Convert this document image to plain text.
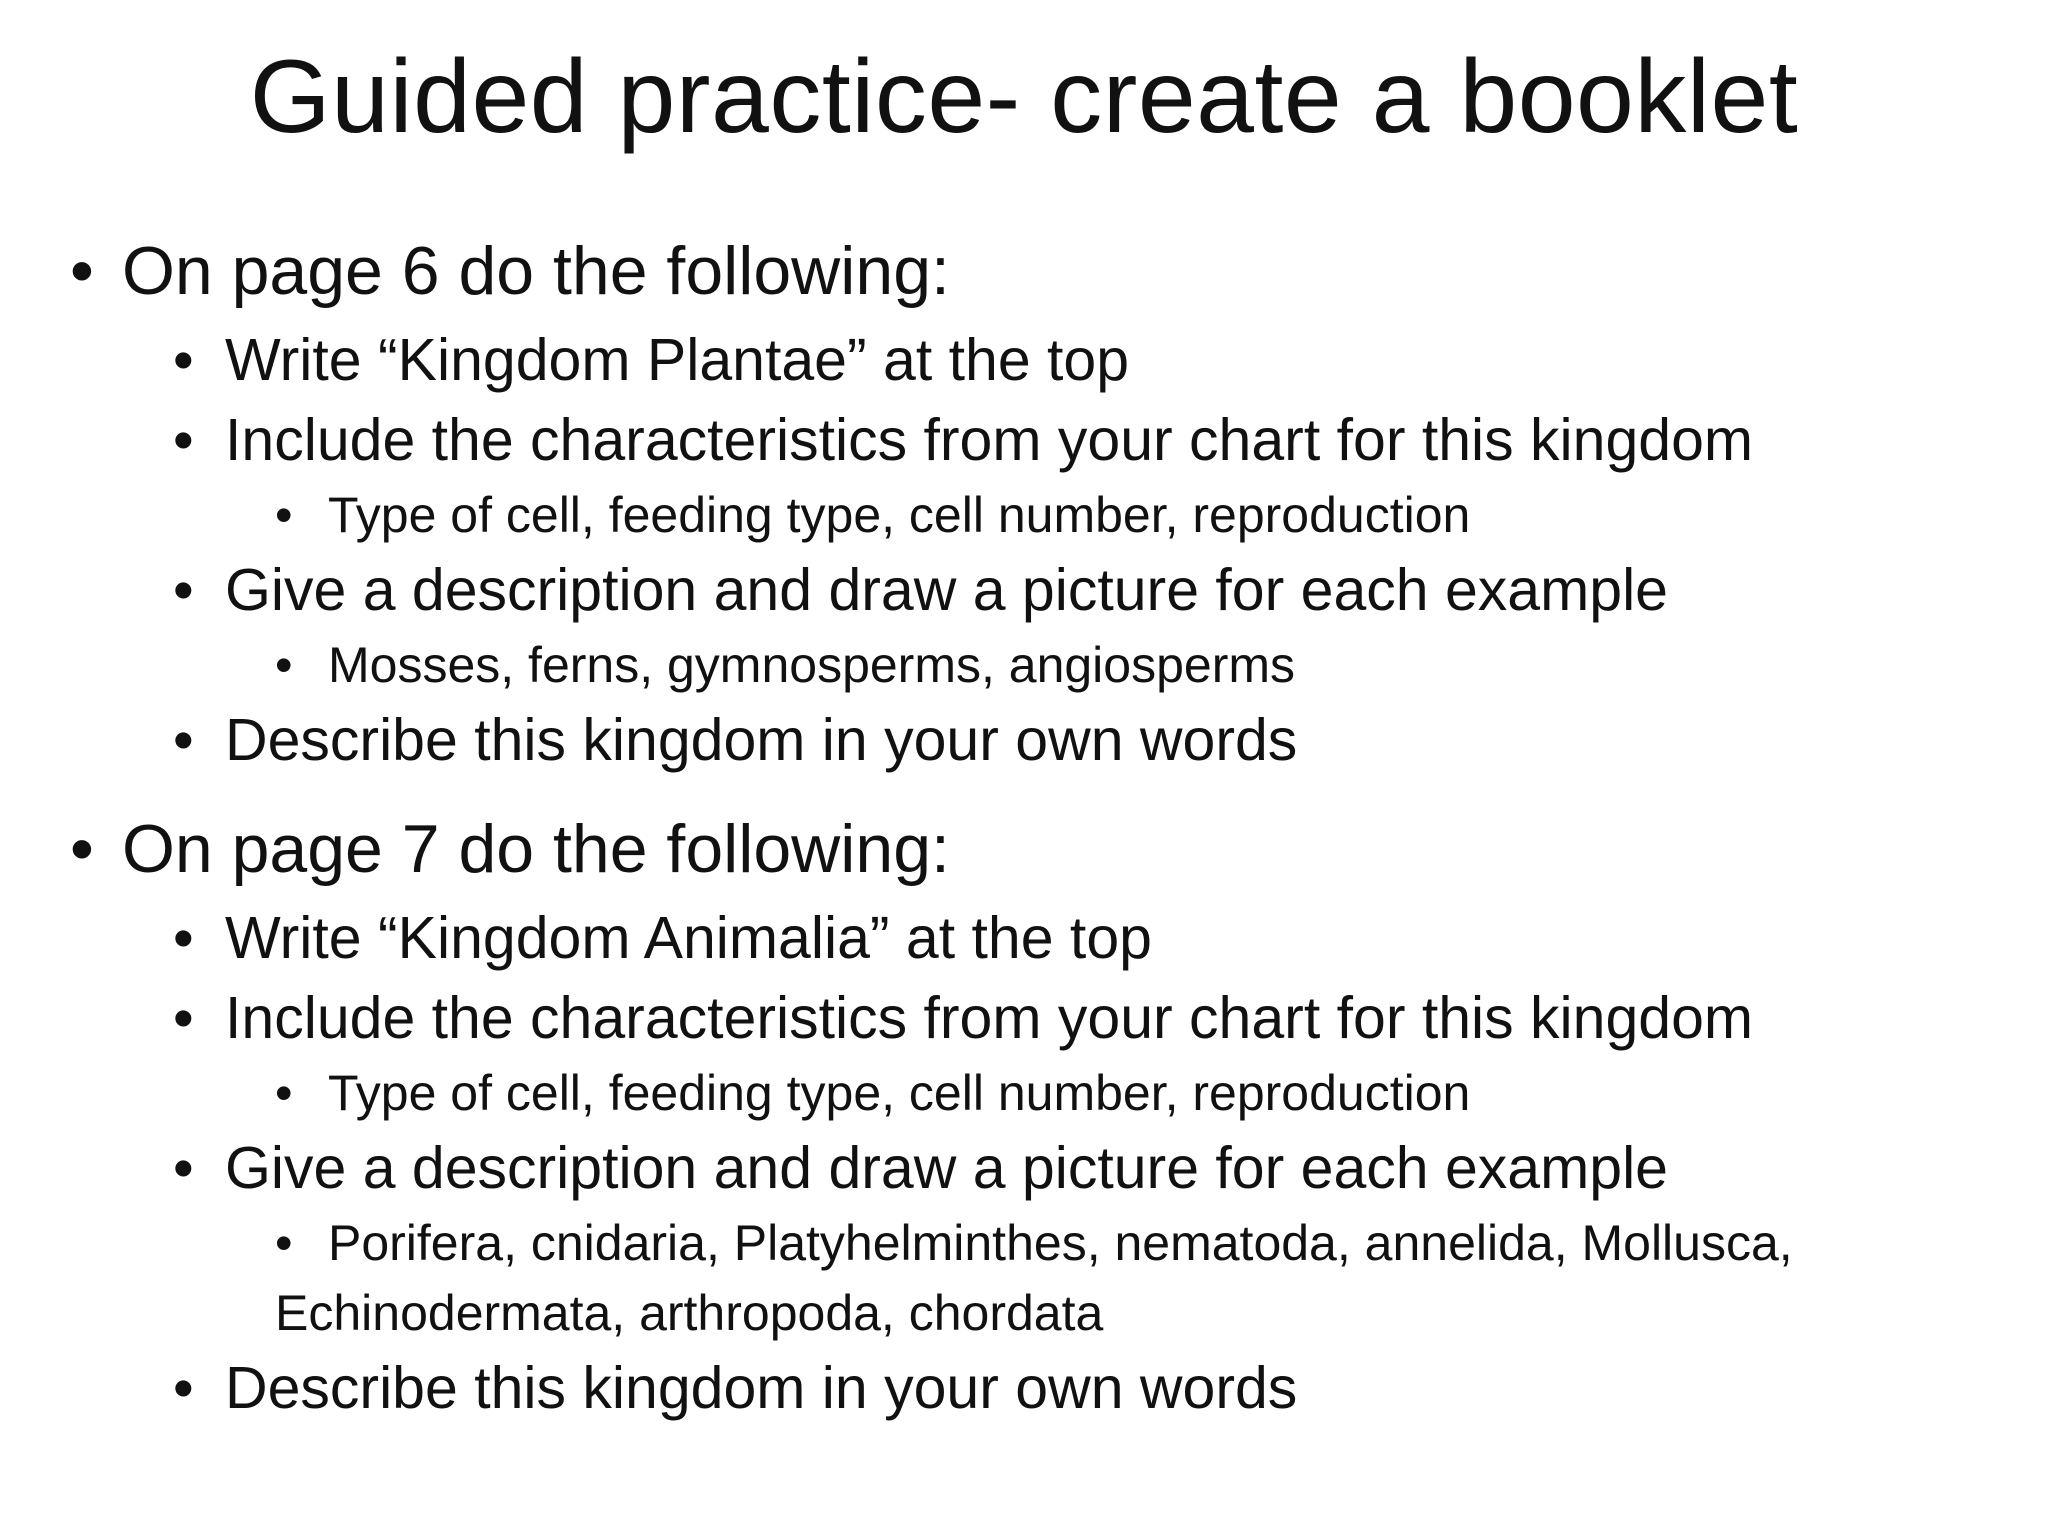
Guided practice- create a booklet
• On page 6 do the following:
• Write “Kingdom Plantae” at the top
• Include the characteristics from your chart for this kingdom
• Type of cell, feeding type, cell number, reproduction
• Give a description and draw a picture for each example
• Mosses, ferns, gymnosperms, angiosperms
• Describe this kingdom in your own words
• On page 7 do the following:
• Write “Kingdom Animalia” at the top
• Include the characteristics from your chart for this kingdom
• Type of cell, feeding type, cell number, reproduction
• Give a description and draw a picture for each example
• Porifera, cnidaria, Platyhelminthes, nematoda, annelida, Mollusca, Echinodermata, arthropoda, chordata
• Describe this kingdom in your own words
